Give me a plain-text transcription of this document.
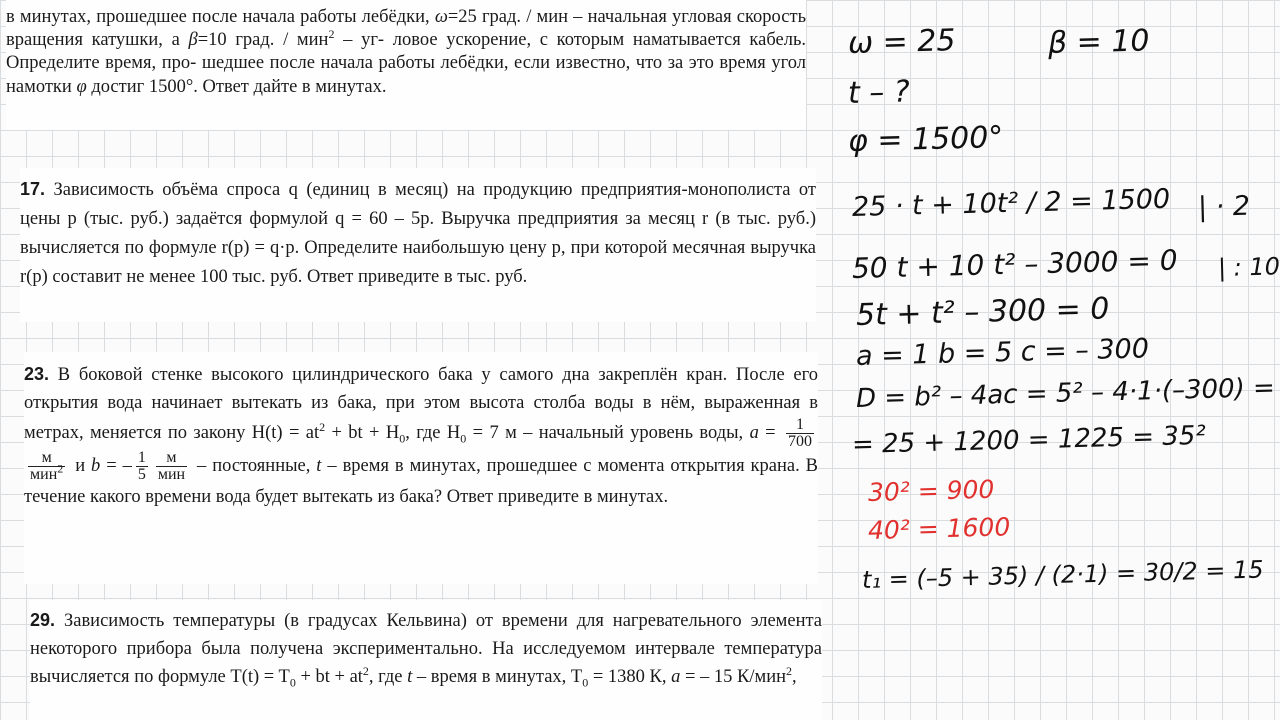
в минутах, прошедшее после начала работы лебёдки, ω=25 град. / мин – начальная угловая скорость вращения катушки, а β=10 град. / мин$^2$ – уг- ловое ускорение, с которым наматывается кабель. Определите время, про- шедшее после начала работы лебёдки, если известно, что за это время угол намотки φ достиг 1500°. Ответ дайте в минутах.

17. Зависимость объёма спроса q (единиц в месяц) на продукцию предприятия-монополиста от цены p (тыс. руб.) задаётся формулой q = 60 – 5p. Выручка предприятия за месяц r (в тыс. руб.) вычисляется по формуле r(p) = q·p. Определите наибольшую цену p, при которой месячная выручка r(p) составит не менее 100 тыс. руб. Ответ приведите в тыс. руб.

23. В боковой стенке высокого цилиндрического бака у самого дна закреплён кран. После его открытия вода начинает вытекать из бака, при этом высота столба воды в нём, выраженная в метрах, меняется по закону $H(t) = at^2$ + bt + $H_0$, где $H_0 = 7$ м – начальный уровень воды, $a = \frac{1}{700}$
$\frac{м}{мин^2}$ и b = – $\frac{1}{5} \frac{м}{\text{мин}}$ – постоянные, t – время в минутах, прошедшее с момента открытия крана. В течение какого времени вода будет вытекать из бака? Ответ приведите в минутах.

29. Зависимость температуры (в градусах Кельвина) от времени для нагревательного элемента некоторого прибора была получена экспериментально. На исследуемом интервале температура вычисляется по формуле $T(t) = T_0$ + bt + $at^2$, где t – время в минутах, $T_0 = 1380$ К, a = – 15 К/мин$^2$,

ω = 25	β = 10
t – ?
φ = 1500°
25 · t + 10t² / 2 = 1500 | · 2
50 t + 10 t² – 3000 = 0 | : 10
5t + t² – 300 = 0
a = 1 b = 5 c = – 300
D = b² – 4ac = 5² – 4·1·(–300) =
= 25 + 1200 = 1225 = 35²
30² = 900
40² = 1600
t₁ = (–5 + 35) / (2·1) = 30/2 = 15
